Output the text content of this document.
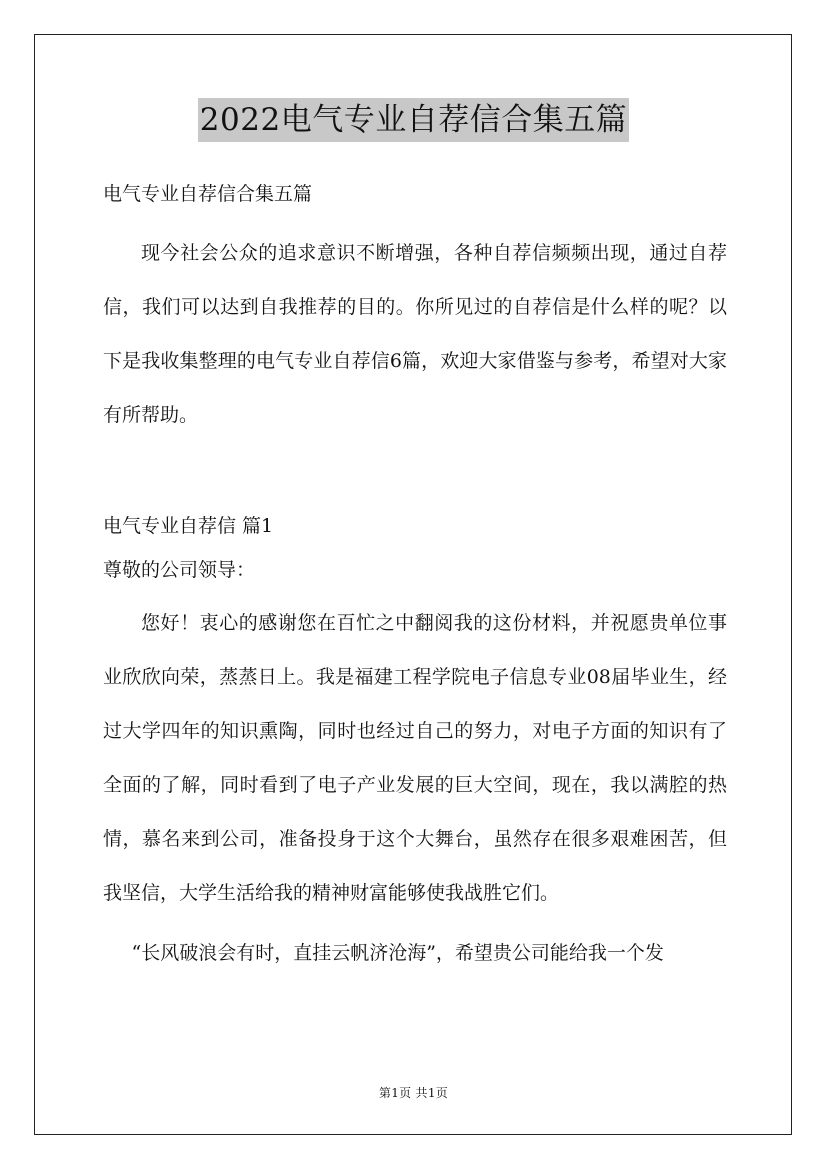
2022电气专业自荐信合集五篇

电气专业自荐信合集五篇

现今社会公众的追求意识不断增强，各种自荐信频频出现，通过自荐信，我们可以达到自我推荐的目的。你所见过的自荐信是什么样的呢？以下是我收集整理的电气专业自荐信6篇，欢迎大家借鉴与参考，希望对大家有所帮助。

电气专业自荐信 篇1

尊敬的公司领导：

您好！衷心的感谢您在百忙之中翻阅我的这份材料，并祝愿贵单位事业欣欣向荣，蒸蒸日上。我是福建工程学院电子信息专业08届毕业生，经过大学四年的知识熏陶，同时也经过自己的努力，对电子方面的知识有了全面的了解，同时看到了电子产业发展的巨大空间，现在，我以满腔的热情，慕名来到公司，准备投身于这个大舞台，虽然存在很多艰难困苦，但我坚信，大学生活给我的精神财富能够使我战胜它们。

“长风破浪会有时，直挂云帆济沧海”，希望贵公司能给我一个发

第1页 共1页
